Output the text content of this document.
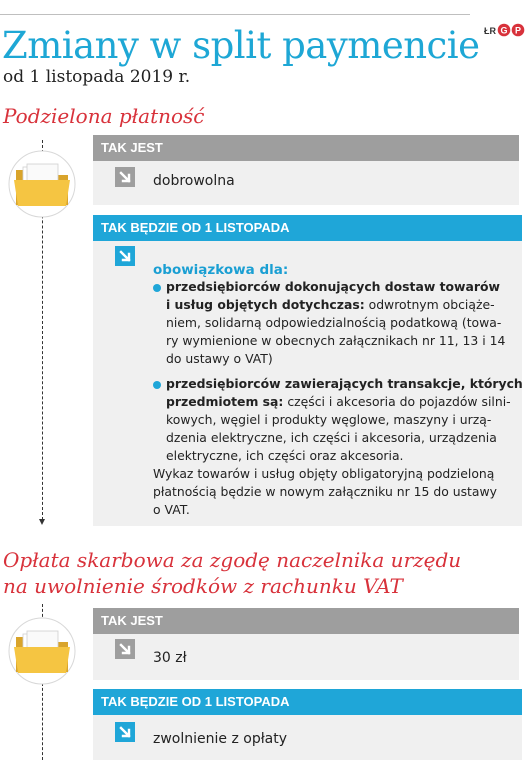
ŁR G P
Zmiany w split paymencie
od 1 listopada 2019 r.
Podzielona płatność
TAK JEST
dobrowolna
TAK BĘDZIE OD 1 LISTOPADA
obowiązkowa dla:
przedsiębiorców dokonujących dostaw towarów
i usług objętych dotychczas: odwrotnym obciąże-
niem, solidarną odpowiedzialnością podatkową (towa-
ry wymienione w obecnych załącznikach nr 11, 13 i 14
do ustawy o VAT)
przedsiębiorców zawierających transakcje, których
przedmiotem są: części i akcesoria do pojazdów silni-
kowych, węgiel i produkty węglowe, maszyny i urzą-
dzenia elektryczne, ich części i akcesoria, urządzenia
elektryczne, ich części oraz akcesoria.
Wykaz towarów i usług objęty obligatoryjną podzieloną
płatnością będzie w nowym załączniku nr 15 do ustawy
o VAT.
Opłata skarbowa za zgodę naczelnika urzędu
na uwolnienie środków z rachunku VAT
TAK JEST
30 zł
TAK BĘDZIE OD 1 LISTOPADA
zwolnienie z opłaty
